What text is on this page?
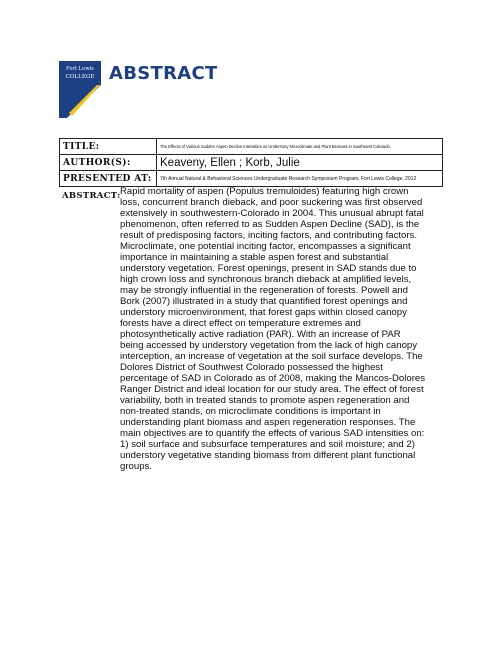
Fort Lewis
COLLEGE ABSTRACT
TITLE:	The Effects of Various Sudden Aspen Decline Intensities on Understory Microclimate and Plant Biomass in Southwest Colorado.
AUTHOR(S):	Keaveny, Ellen ; Korb, Julie
PRESENTED AT:	7th Annual Natural & Behavioral Sciences Undergraduate Research Symposium Program, Fort Lewis College, 2012
ABSTRACT: Rapid mortality of aspen (Populus tremuloides) featuring high crown
loss, concurrent branch dieback, and poor suckering was first observed
extensively in southwestern-Colorado in 2004. This unusual abrupt fatal
phenomenon, often referred to as Sudden Aspen Decline (SAD), is the
result of predisposing factors, inciting factors, and contributing factors.
Microclimate, one potential inciting factor, encompasses a significant
importance in maintaining a stable aspen forest and substantial
understory vegetation. Forest openings, present in SAD stands due to
high crown loss and synchronous branch dieback at amplified levels,
may be strongly influential in the regeneration of forests. Powell and
Bork (2007) illustrated in a study that quantified forest openings and
understory microenvironment, that forest gaps within closed canopy
forests have a direct effect on temperature extremes and
photosynthetically active radiation (PAR). With an increase of PAR
being accessed by understory vegetation from the lack of high canopy
interception, an increase of vegetation at the soil surface develops. The
Dolores District of Southwest Colorado possessed the highest
percentage of SAD in Colorado as of 2008, making the Mancos-Dolores
Ranger District and ideal location for our study area. The effect of forest
variability, both in treated stands to promote aspen regeneration and
non-treated stands, on microclimate conditions is important in
understanding plant biomass and aspen regeneration responses. The
main objectives are to quantify the effects of various SAD intensities on:
1) soil surface and subsurface temperatures and soil moisture; and 2)
understory vegetative standing biomass from different plant functional
groups.
